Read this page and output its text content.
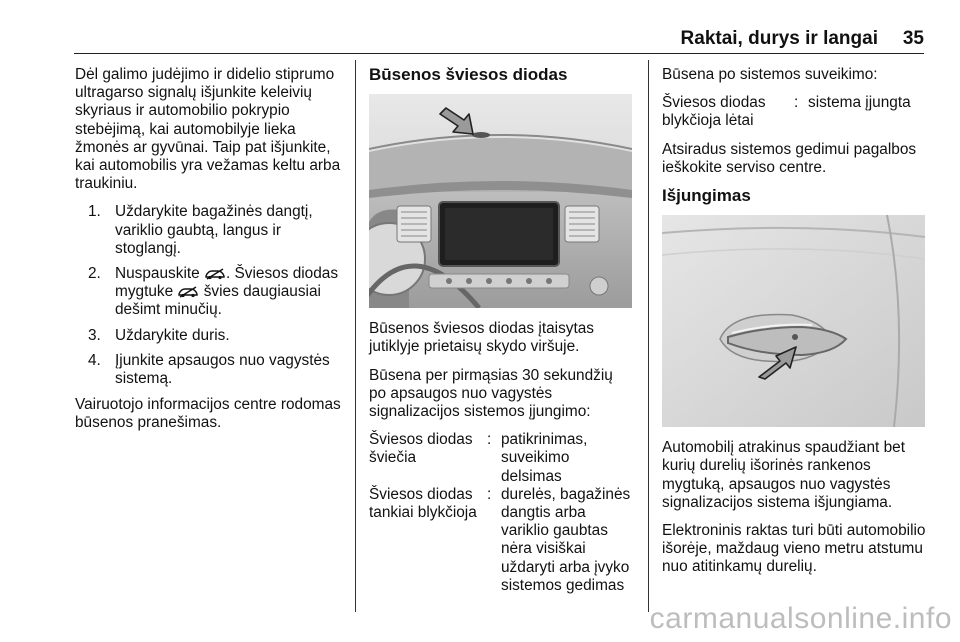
Raktai, durys ir langai 35

Dėl galimo judėjimo ir didelio stiprumo ultragarso signalų išjunkite keleivių skyriaus ir automobilio pokrypio stebėjimą, kai automobilyje lieka žmonės ar gyvūnai. Taip pat išjunkite, kai automobilis yra vežamas keltu arba traukiniu.

1. Uždarykite bagažinės dangtį, variklio gaubtą, langus ir stoglangį.
2. Nuspauskite . Šviesos diodas mygtuke švies daugiausiai dešimt minučių.
3. Uždarykite duris.
4. Įjunkite apsaugos nuo vagystės sistemą.

Vairuotojo informacijos centre rodomas būsenos pranešimas.

Būsenos šviesos diodas

Būsenos šviesos diodas įtaisytas jutiklyje prietaisų skydo viršuje.

Būsena per pirmąsias 30 sekundžių po apsaugos nuo vagystės signalizacijos sistemos įjungimo:

Šviesos diodas šviečia
: patikrinimas, suveikimo delsimas
Šviesos diodas tankiai blykčioja
: durelės, bagažinės dangtis arba variklio gaubtas nėra visiškai uždaryti arba įvyko sistemos gedimas

Būsena po sistemos suveikimo:

Šviesos diodas blykčioja lėtai
: sistema įjungta

Atsiradus sistemos gedimui pagalbos ieškokite serviso centre.

Išjungimas

Automobilį atrakinus spaudžiant bet kurių durelių išorinės rankenos mygtuką, apsaugos nuo vagystės signalizacijos sistema išjungiama.

Elektroninis raktas turi būti automobilio išorėje, maždaug vieno metru atstumu nuo atitinkamų durelių.

carmanualsonline.info
